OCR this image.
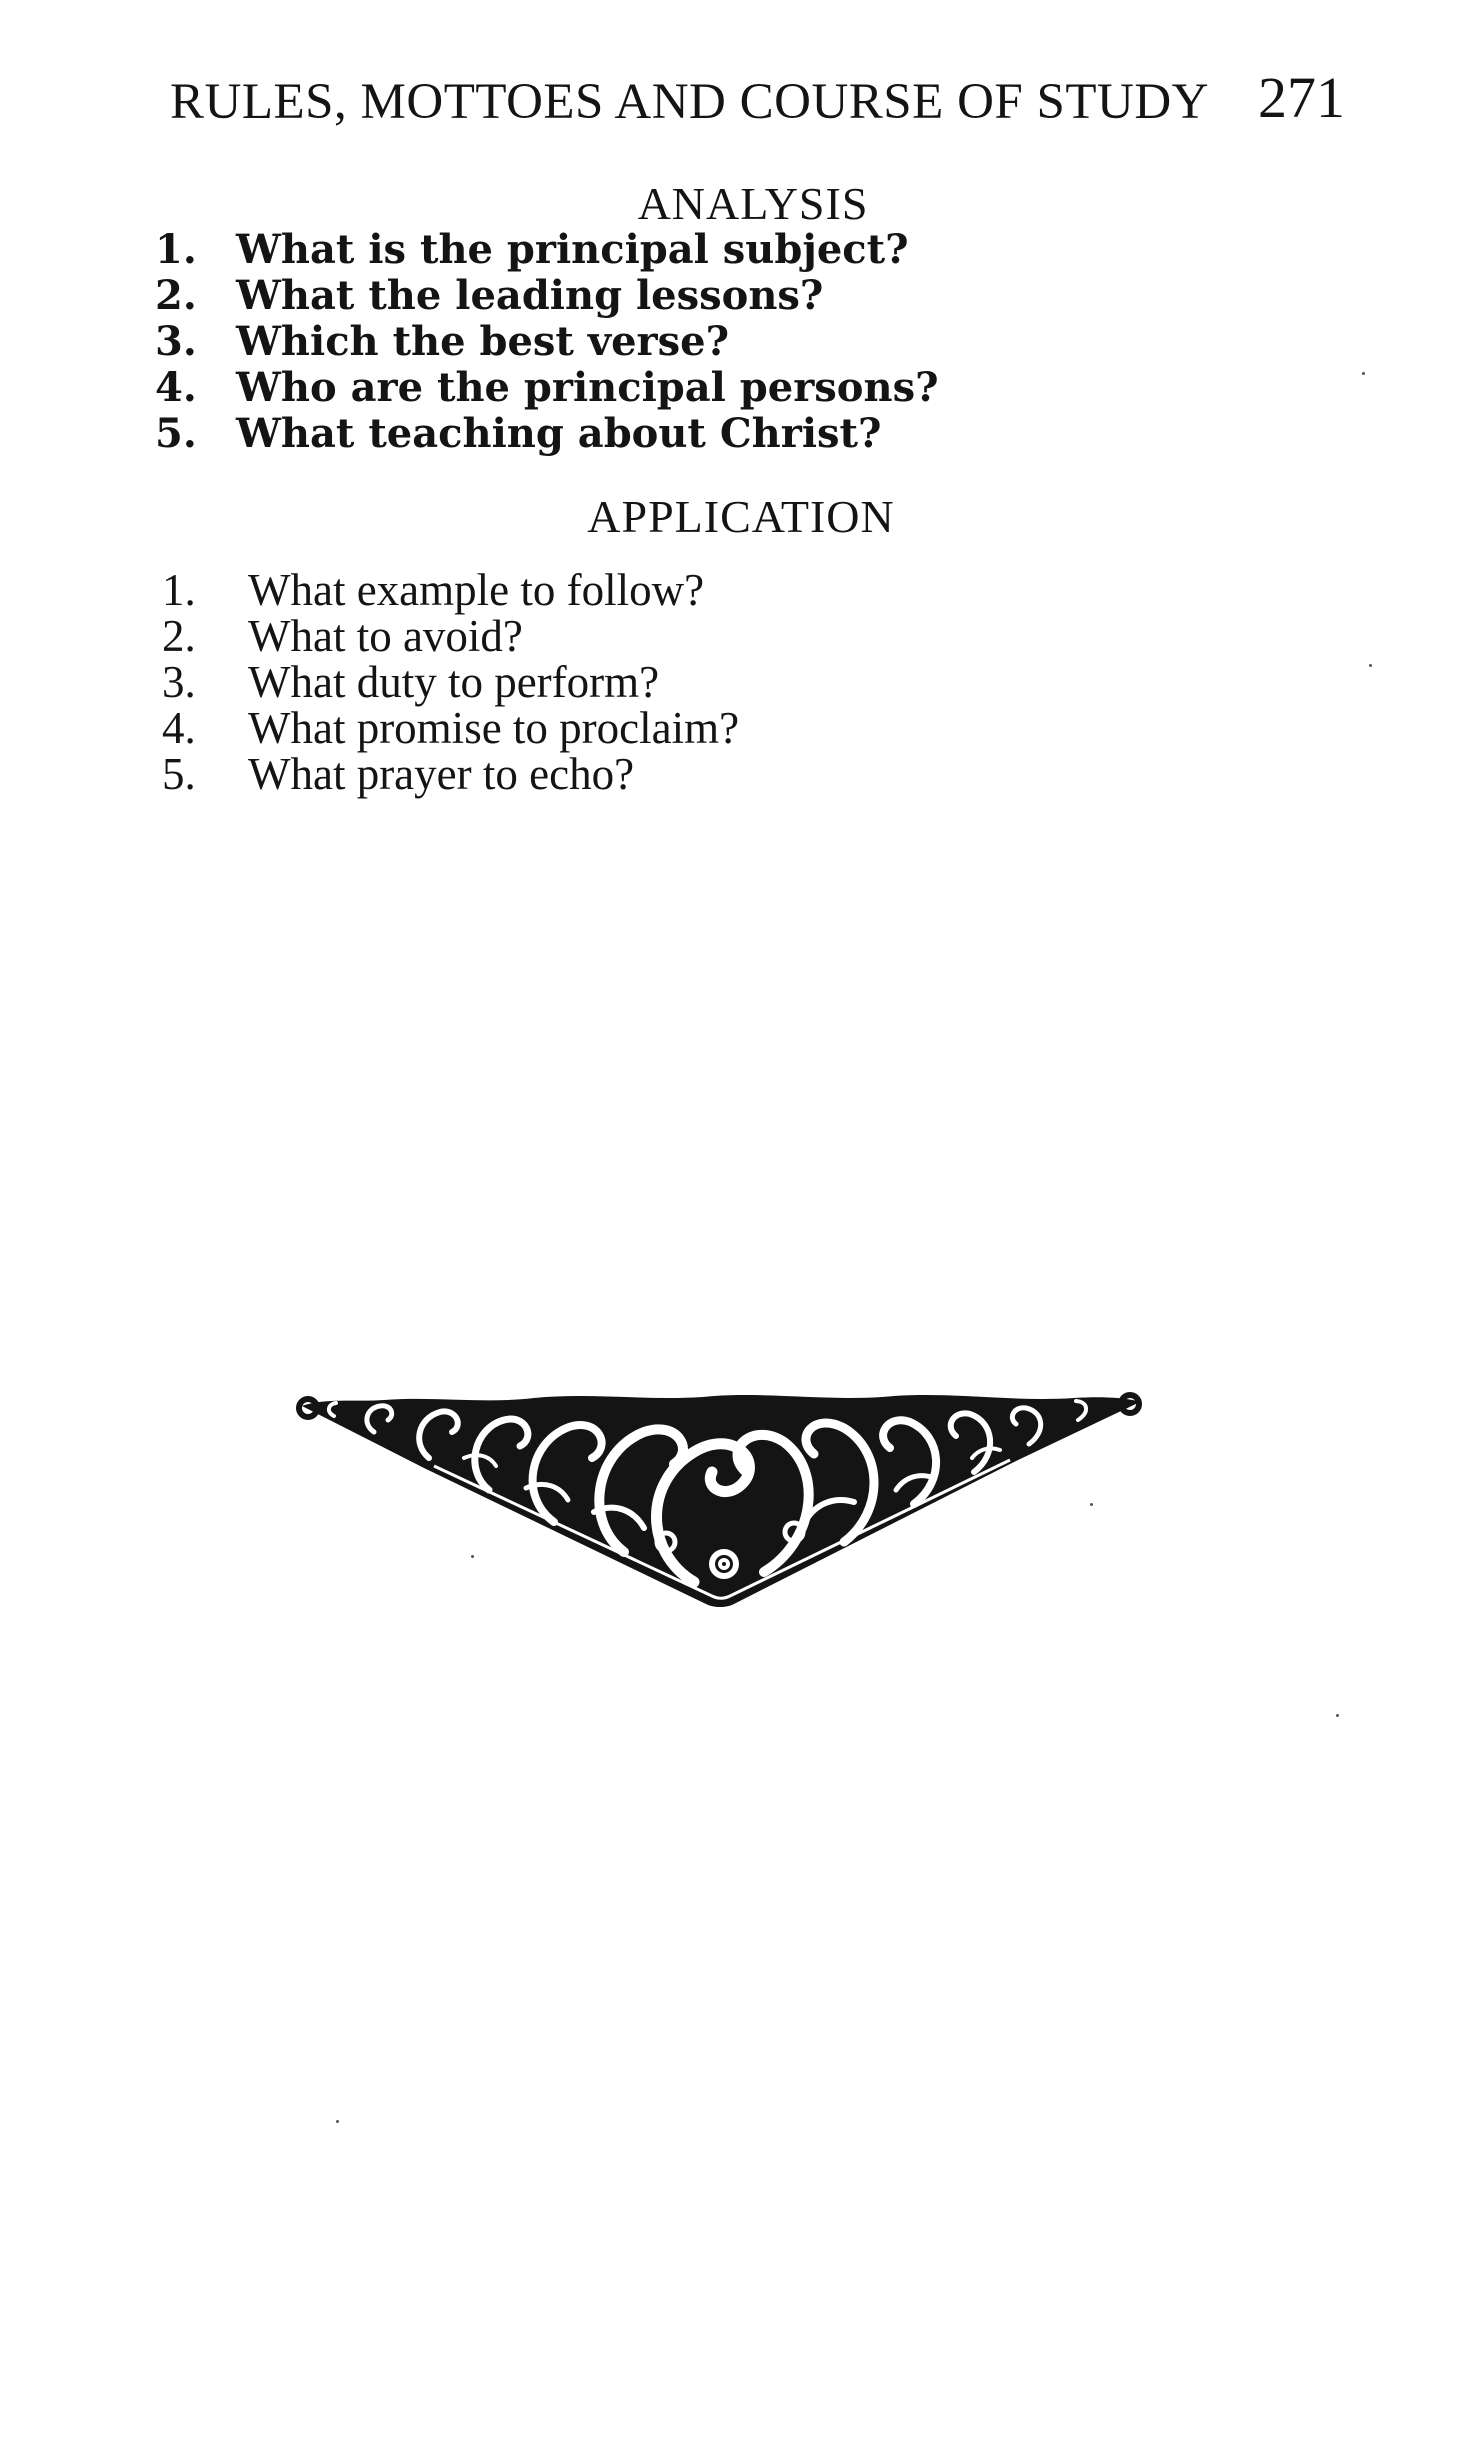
RULES, MOTTOES AND COURSE OF STUDY 271
ANALYSIS
1. What is the principal subject?
2. What the leading lessons?
3. Which the best verse?
4. Who are the principal persons?
5. What teaching about Christ?
APPLICATION
1.	What example to follow?
2.	What to avoid?
3.	What duty to perform?
4.	What promise to proclaim?
5.	What prayer to echo?
